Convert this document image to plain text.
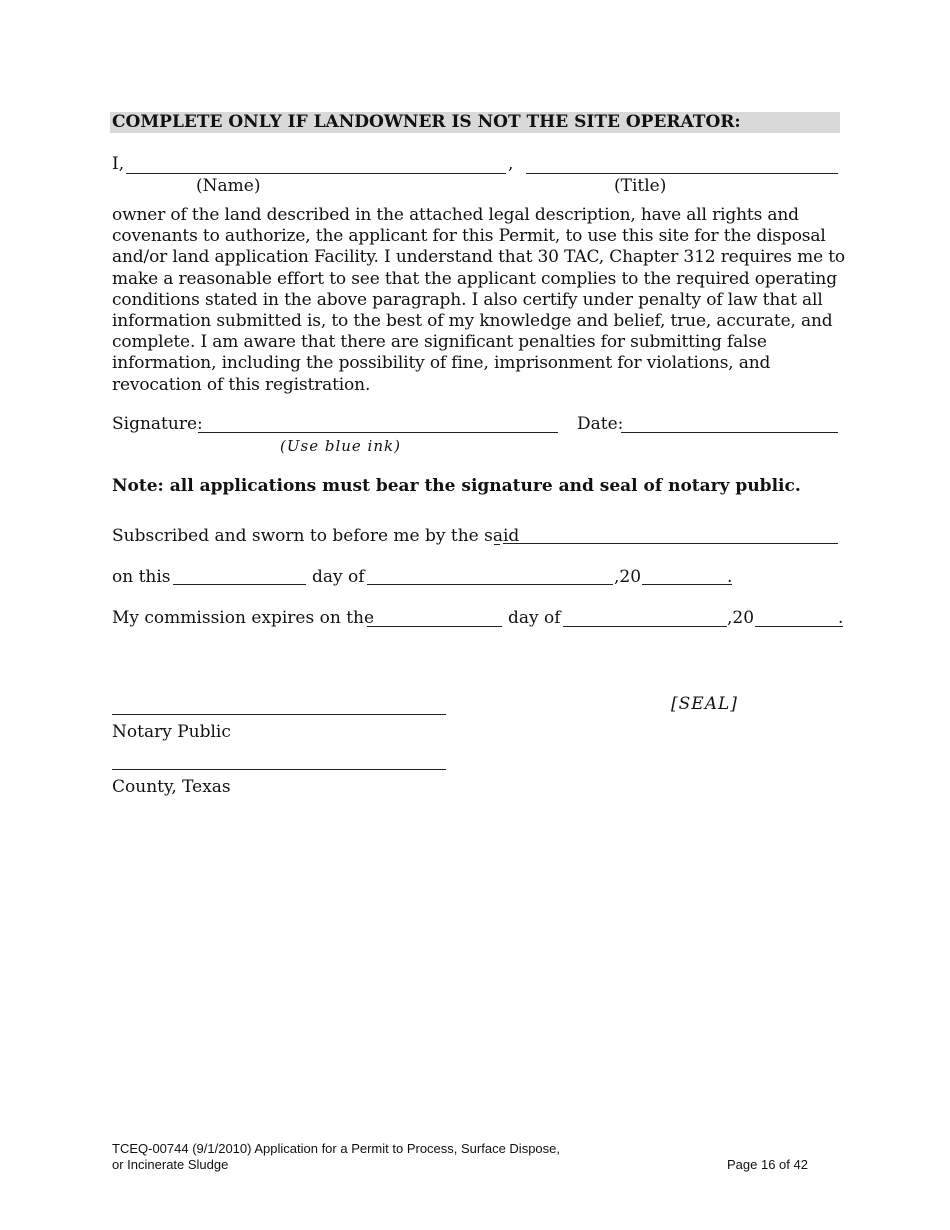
COMPLETE ONLY IF LANDOWNER IS NOT THE SITE OPERATOR:
I,	,
(Name)	(Title)
owner of the land described in the attached legal description, have all rights and
covenants to authorize, the applicant for this Permit, to use this site for the disposal
and/or land application Facility. I understand that 30 TAC, Chapter 312 requires me to
make a reasonable effort to see that the applicant complies to the required operating
conditions stated in the above paragraph. I also certify under penalty of law that all
information submitted is, to the best of my knowledge and belief, true, accurate, and
complete. I am aware that there are significant penalties for submitting false
information, including the possibility of fine, imprisonment for violations, and
revocation of this registration.
Signature:
(Use blue ink)
Date:
Note: all applications must bear the signature and seal of notary public.
Subscribed and sworn to before me by the said
on this	day of	,20	.
My commission expires on the	day of	,20	.
[SEAL]
Notary Public
County, Texas
TCEQ-00744 (9/1/2010) Application for a Permit to Process, Surface Dispose,
or Incinerate Sludge	Page 16 of 42
